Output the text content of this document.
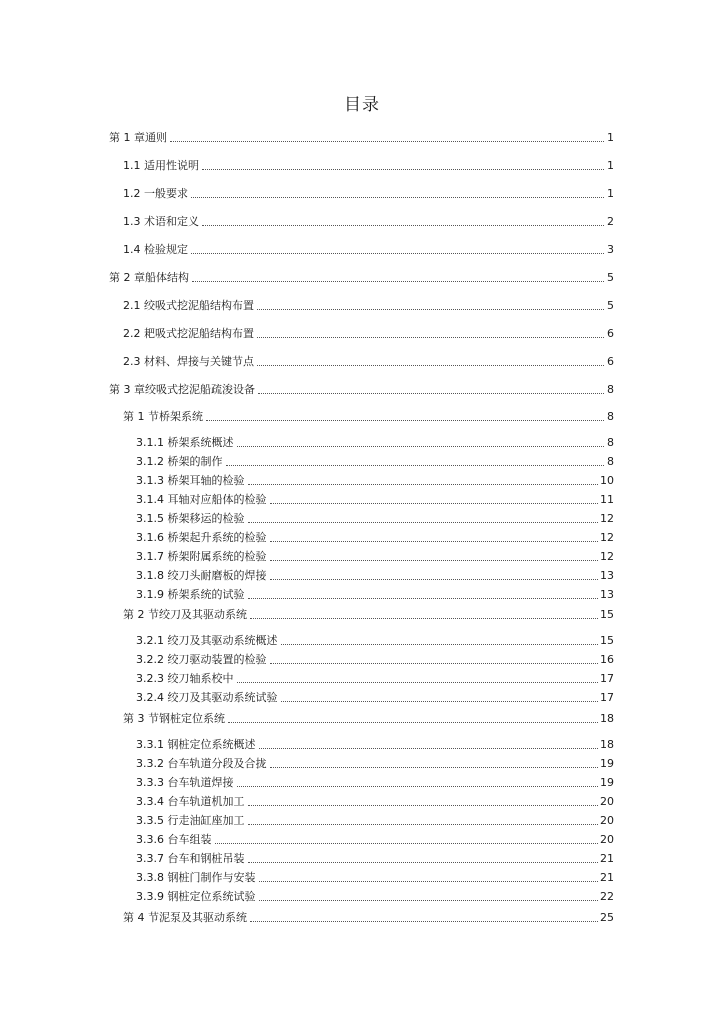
目录
第 1 章通则	1
1.1 适用性说明	1
1.2 一般要求	1
1.3 术语和定义	2
1.4 检验规定	3
第 2 章船体结构	5
2.1 绞吸式挖泥船结构布置	5
2.2 耙吸式挖泥船结构布置	6
2.3 材料、焊接与关键节点	6
第 3 章绞吸式挖泥船疏浚设备	8
第 1 节桥架系统	8
3.1.1 桥架系统概述	8
3.1.2 桥架的制作	8
3.1.3 桥架耳轴的检验	10
3.1.4 耳轴对应船体的检验	11
3.1.5 桥架移运的检验	12
3.1.6 桥架起升系统的检验	12
3.1.7 桥架附属系统的检验	12
3.1.8 绞刀头耐磨板的焊接	13
3.1.9 桥架系统的试验	13
第 2 节绞刀及其驱动系统	15
3.2.1 绞刀及其驱动系统概述	15
3.2.2 绞刀驱动装置的检验	16
3.2.3 绞刀轴系校中	17
3.2.4 绞刀及其驱动系统试验	17
第 3 节钢桩定位系统	18
3.3.1 钢桩定位系统概述	18
3.3.2 台车轨道分段及合拢	19
3.3.3 台车轨道焊接	19
3.3.4 台车轨道机加工	20
3.3.5 行走油缸座加工	20
3.3.6 台车组装	20
3.3.7 台车和钢桩吊装	21
3.3.8 钢桩门制作与安装	21
3.3.9 钢桩定位系统试验	22
第 4 节泥泵及其驱动系统	25
